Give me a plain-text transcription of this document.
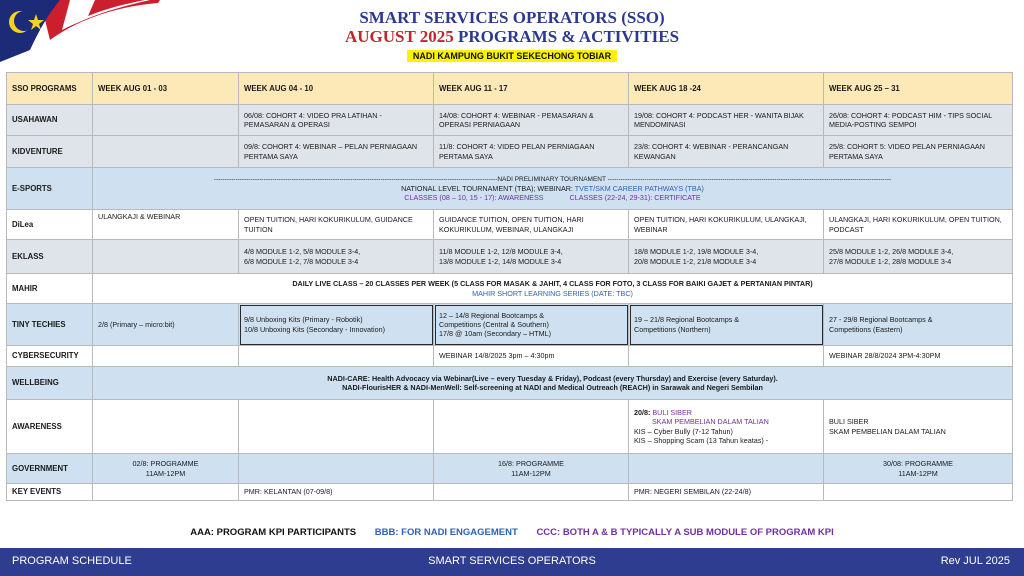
SMART SERVICES OPERATORS (SSO)
AUGUST 2025 PROGRAMS & ACTIVITIES
NADI KAMPUNG BUKIT SEKECHONG TOBIAR
SSO PROGRAMS	WEEK AUG 01 - 03	WEEK AUG 04 - 10	WEEK AUG 11 - 17	WEEK AUG 18 -24	WEEK AUG 25 – 31
USAHAWAN		06/08: COHORT 4: VIDEO PRA LATIHAN - PEMASARAN & OPERASI	14/08: COHORT 4: WEBINAR - PEMASARAN & OPERASI PERNIAGAAN	19/08: COHORT 4: PODCAST HER - WANITA BIJAK MENDOMINASI	26/08: COHORT 4: PODCAST HIM - TIPS SOCIAL MEDIA-POSTING SEMPOI
KIDVENTURE		09/8: COHORT 4: WEBINAR – PELAN PERNIAGAAN PERTAMA SAYA	11/8: COHORT 4: VIDEO PELAN PERNIAGAAN PERTAMA SAYA	23/8: COHORT 4: WEBINAR - PERANCANGAN KEWANGAN	25/8: COHORT 5: VIDEO PELAN PERNIAGAAN PERTAMA SAYA
E-SPORTS	-----------------------------------------------------------------------------------------------------------------------------------NADI PRELIMINARY TOURNAMENT -----------------------------------------------------------------------------------------------------------------------------------
NATIONAL LEVEL TOURNAMENT (TBA); WEBINAR: TVET/SKM CAREER PATHWAYS (TBA)
CLASSES (08 – 10, 15 - 17): AWARENESS CLASSES (22-24, 29-31): CERTIFICATE				

DiLea	ULANGKAJI & WEBINAR	OPEN TUITION, HARI KOKURIKULUM, GUIDANCE TUITION	GUIDANCE TUITION, OPEN TUITION, HARI KOKURIKULUM, WEBINAR, ULANGKAJI	OPEN TUITION, HARI KOKURIKULUM, ULANGKAJI, WEBINAR	ULANGKAJI, HARI KOKURIKULUM, OPEN TUITION, PODCAST
EKLASS		4/8 MODULE 1-2, 5/8 MODULE 3-4,
6/8 MODULE 1-2, 7/8 MODULE 3-4	11/8 MODULE 1-2, 12/8 MODULE 3-4,
13/8 MODULE 1-2, 14/8 MODULE 3-4	18/8 MODULE 1-2, 19/8 MODULE 3-4,
20/8 MODULE 1-2, 21/8 MODULE 3-4	25/8 MODULE 1-2, 26/8 MODULE 3-4,
27/8 MODULE 1-2, 28/8 MODULE 3-4

MAHIR	DAILY LIVE CLASS – 20 CLASSES PER WEEK (5 CLASS FOR MASAK & JAHIT, 4 CLASS FOR FOTO, 3 CLASS FOR BAIKI GAJET & PERTANIAN PINTAR)
MAHIR SHORT LEARNING SERIES (DATE: TBC)				

TINY TECHIES	2/8 (Primary – micro:bit)	9/8 Unboxing Kits (Primary - Robotik)
10/8 Unboxing Kits (Secondary - Innovation)	12 – 14/8 Regional Bootcamps &
Competitions (Central & Southern)
17/8 @ 10am (Secondary – HTML)	19 – 21/8 Regional Bootcamps &
Competitions (Northern)	27 - 29/8 Regional Bootcamps &
Competitions (Eastern)

CYBERSECURITY			WEBINAR 14/8/2025 3pm – 4:30pm		WEBINAR 28/8/2024 3PM-4:30PM
WELLBEING	NADI-CARE: Health Advocacy via Webinar(Live – every Tuesday & Friday), Podcast (every Thursday) and Exercise (every Saturday).
NADI-FlourisHER & NADI-MenWell: Self-screening at NADI and Medical Outreach (REACH) in Sarawak and Negeri Sembilan				

AWARENESS				20/8: BULI SIBER
SKAM PEMBELIAN DALAM TALIAN
KIS – Cyber Bully (7-12 Tahun)
KIS – Shopping Scam (13 Tahun keatas) -	BULI SIBER
SKAM PEMBELIAN DALAM TALIAN

GOVERNMENT	02/8: PROGRAMME
11AM-12PM		16/8: PROGRAMME
11AM-12PM		30/08: PROGRAMME
11AM-12PM

KEY EVENTS		PMR: KELANTAN (07-09/8)		PMR: NEGERI SEMBILAN (22-24/8)	
AAA: PROGRAM KPI PARTICIPANTS BBB: FOR NADI ENGAGEMENT CCC: BOTH A & B TYPICALLY A SUB MODULE OF PROGRAM KPI
PROGRAM SCHEDULE	SMART SERVICES OPERATORS	Rev JUL 2025
